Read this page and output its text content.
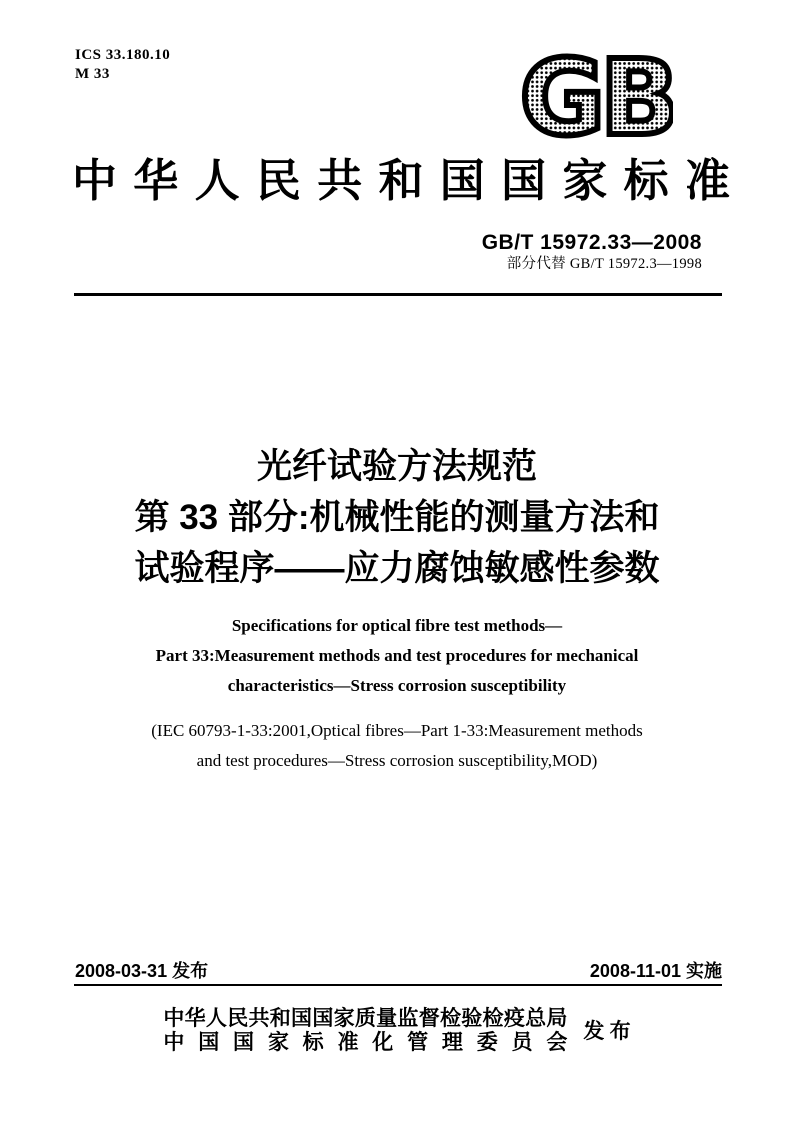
ICS 33.180.10
M 33	GB
中华人民共和国国家标准
GB/T 15972.33—2008
部分代替 GB/T 15972.3—1998
光纤试验方法规范
第 33 部分:机械性能的测量方法和
试验程序——应力腐蚀敏感性参数
Specifications for optical fibre test methods—
Part 33:Measurement methods and test procedures for mechanical
characteristics—Stress corrosion susceptibility
(IEC 60793-1-33:2001,Optical fibres—Part 1-33:Measurement methods
and test procedures—Stress corrosion susceptibility,MOD)
2008-03-31 发布	2008-11-01 实施
中华人民共和国国家质量监督检验检疫总局
中国国家标准化管理委员会 发 布
